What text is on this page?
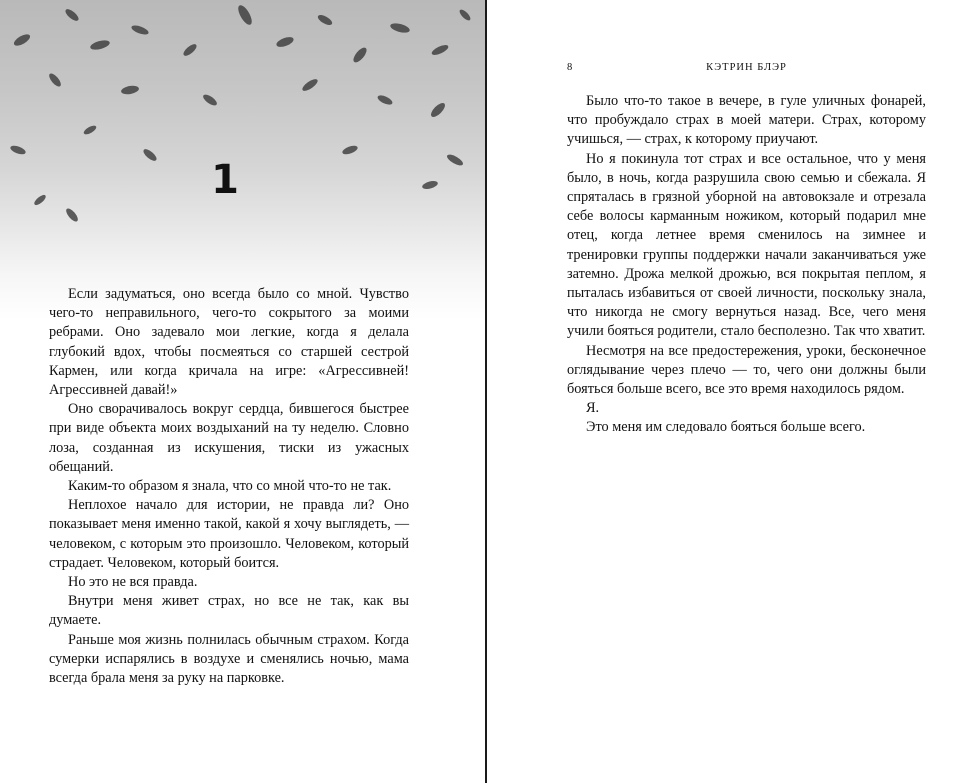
1

Если задуматься, оно всегда было со мной. Чувство чего-то неправильного, чего-то сокрытого за моими ребрами. Оно задевало мои легкие, когда я делала глубокий вдох, чтобы посмеяться со старшей сестрой Кармен, или когда кричала на игре: «Агрессивней! Агрессивней давай!»

Оно сворачивалось вокруг сердца, бившегося быстрее при виде объекта моих воздыханий на ту неделю. Словно лоза, созданная из искушения, тиски из ужасных обещаний.

Каким-то образом я знала, что со мной что-то не так.

Неплохое начало для истории, не правда ли? Оно показывает меня именно такой, какой я хочу выглядеть, — человеком, с которым это произошло. Человеком, который страдает. Человеком, который боится.

Но это не вся правда.

Внутри меня живет страх, но все не так, как вы думаете.

Раньше моя жизнь полнилась обычным страхом. Когда сумерки испарялись в воздухе и сменялись ночью, мама всегда брала меня за руку на парковке.

8	КЭТРИН БЛЭР

Было что-то такое в вечере, в гуле уличных фонарей, что пробуждало страх в моей матери. Страх, которому учишься, — страх, к которому приучают.

Но я покинула тот страх и все остальное, что у меня было, в ночь, когда разрушила свою семью и сбежала. Я спряталась в грязной уборной на автовокзале и отрезала себе волосы карманным ножиком, который подарил мне отец, когда летнее время сменилось на зимнее и тренировки группы поддержки начали заканчиваться уже затемно. Дрожа мелкой дрожью, вся покрытая пеплом, я пыталась избавиться от своей личности, поскольку знала, что никогда не смогу вернуться назад. Все, чего меня учили бояться родители, стало бесполезно. Так что хватит.

Несмотря на все предостережения, уроки, бесконечное оглядывание через плечо — то, чего они должны были бояться больше всего, все это время находилось рядом.

Я.

Это меня им следовало бояться больше всего.
